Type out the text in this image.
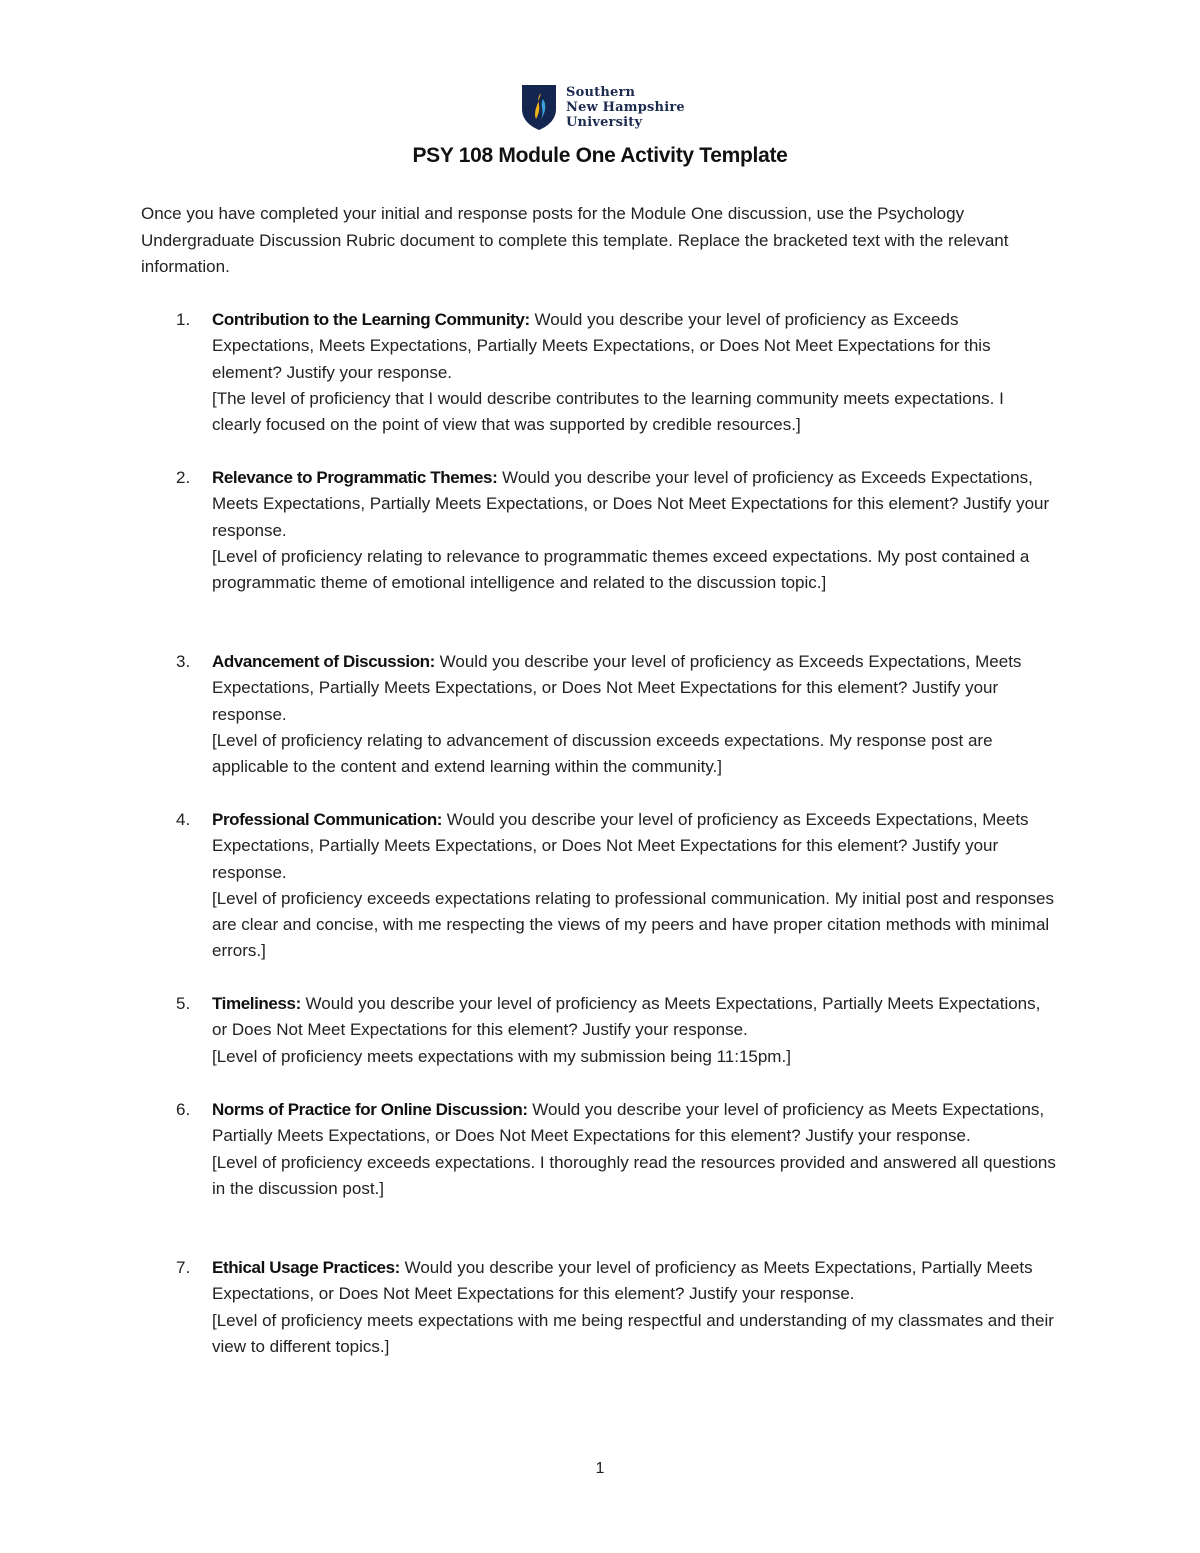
Southern
New Hampshire
University
PSY 108 Module One Activity Template
Once you have completed your initial and response posts for the Module One discussion, use the Psychology Undergraduate Discussion Rubric document to complete this template. Replace the bracketed text with the relevant information.
1.	Contribution to the Learning Community: Would you describe your level of proficiency as Exceeds Expectations, Meets Expectations, Partially Meets Expectations, or Does Not Meet Expectations for this element? Justify your response.
[The level of proficiency that I would describe contributes to the learning community meets expectations. I clearly focused on the point of view that was supported by credible resources.]
2.	Relevance to Programmatic Themes: Would you describe your level of proficiency as Exceeds Expectations, Meets Expectations, Partially Meets Expectations, or Does Not Meet Expectations for this element? Justify your response.
[Level of proficiency relating to relevance to programmatic themes exceed expectations. My post contained a programmatic theme of emotional intelligence and related to the discussion topic.]
3.	Advancement of Discussion: Would you describe your level of proficiency as Exceeds Expectations, Meets Expectations, Partially Meets Expectations, or Does Not Meet Expectations for this element? Justify your response.
[Level of proficiency relating to advancement of discussion exceeds expectations. My response post are applicable to the content and extend learning within the community.]
4.	Professional Communication: Would you describe your level of proficiency as Exceeds Expectations, Meets Expectations, Partially Meets Expectations, or Does Not Meet Expectations for this element? Justify your response.
[Level of proficiency exceeds expectations relating to professional communication. My initial post and responses are clear and concise, with me respecting the views of my peers and have proper citation methods with minimal errors.]
5.	Timeliness: Would you describe your level of proficiency as Meets Expectations, Partially Meets Expectations, or Does Not Meet Expectations for this element? Justify your response.
[Level of proficiency meets expectations with my submission being 11:15pm.]
6.	Norms of Practice for Online Discussion: Would you describe your level of proficiency as Meets Expectations, Partially Meets Expectations, or Does Not Meet Expectations for this element? Justify your response.
[Level of proficiency exceeds expectations. I thoroughly read the resources provided and answered all questions in the discussion post.]
7.	Ethical Usage Practices: Would you describe your level of proficiency as Meets Expectations, Partially Meets Expectations, or Does Not Meet Expectations for this element? Justify your response.
[Level of proficiency meets expectations with me being respectful and understanding of my classmates and their view to different topics.]
1
